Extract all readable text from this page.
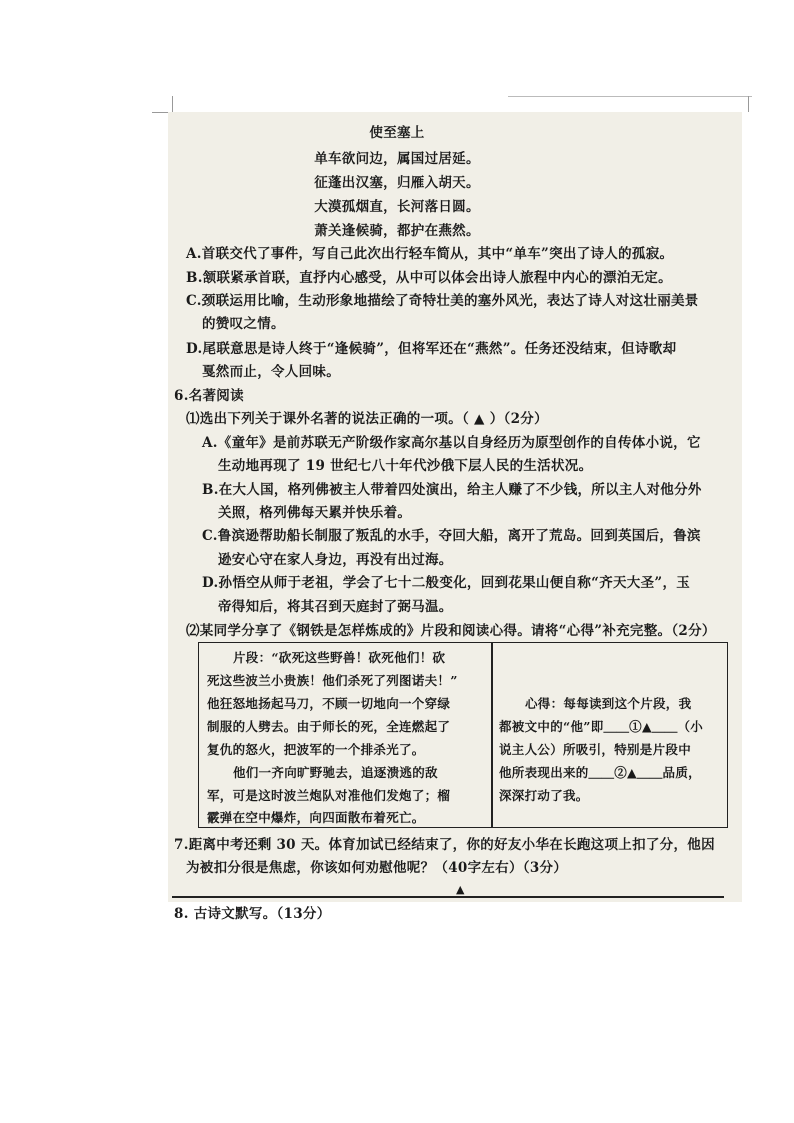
使至塞上
单车欲问边，属国过居延。
征蓬出汉塞，归雁入胡天。
大漠孤烟直，长河落日圆。
萧关逢候骑，都护在燕然。
A.首联交代了事件，写自己此次出行轻车简从，其中“单车”突出了诗人的孤寂。
B.颔联紧承首联，直抒内心感受，从中可以体会出诗人旅程中内心的漂泊无定。
C.颈联运用比喻，生动形象地描绘了奇特壮美的塞外风光，表达了诗人对这壮丽美景
的赞叹之情。
D.尾联意思是诗人终于“逢候骑”，但将军还在“燕然”。任务还没结束，但诗歌却
戛然而止，令人回味。
6.名著阅读
⑴选出下列关于课外名著的说法正确的一项。（ ▲ ）（2分）
A.《童年》是前苏联无产阶级作家高尔基以自身经历为原型创作的自传体小说，它
生动地再现了 19 世纪七八十年代沙俄下层人民的生活状况。
B.在大人国，格列佛被主人带着四处演出，给主人赚了不少钱，所以主人对他分外
关照，格列佛每天累并快乐着。
C.鲁滨逊帮助船长制服了叛乱的水手，夺回大船，离开了荒岛。回到英国后，鲁滨
逊安心守在家人身边，再没有出过海。
D.孙悟空从师于老祖，学会了七十二般变化，回到花果山便自称“齐天大圣”，玉
帝得知后，将其召到天庭封了弼马温。
⑵某同学分享了《钢铁是怎样炼成的》片段和阅读心得。请将“心得”补充完整。（2分）
片段：“砍死这些野兽！砍死他们！砍
死这些波兰小贵族！他们杀死了列图诺夫！”
他狂怒地扬起马刀，不顾一切地向一个穿绿
制服的人劈去。由于师长的死，全连燃起了
复仇的怒火，把波军的一个排杀光了。
他们一齐向旷野驰去，追逐溃逃的敌
军，可是这时波兰炮队对准他们发炮了；榴
霰弹在空中爆炸，向四面散布着死亡。
心得：每每读到这个片段，我
都被文中的“他”即＿＿①▲＿＿（小
说主人公）所吸引，特别是片段中
他所表现出来的＿＿②▲＿＿品质，
深深打动了我。
7.距离中考还剩 30 天。体育加试已经结束了，你的好友小华在长跑这项上扣了分，他因
为被扣分很是焦虑，你该如何劝慰他呢？（40字左右）（3分）
▲
8. 古诗文默写。（13分）
